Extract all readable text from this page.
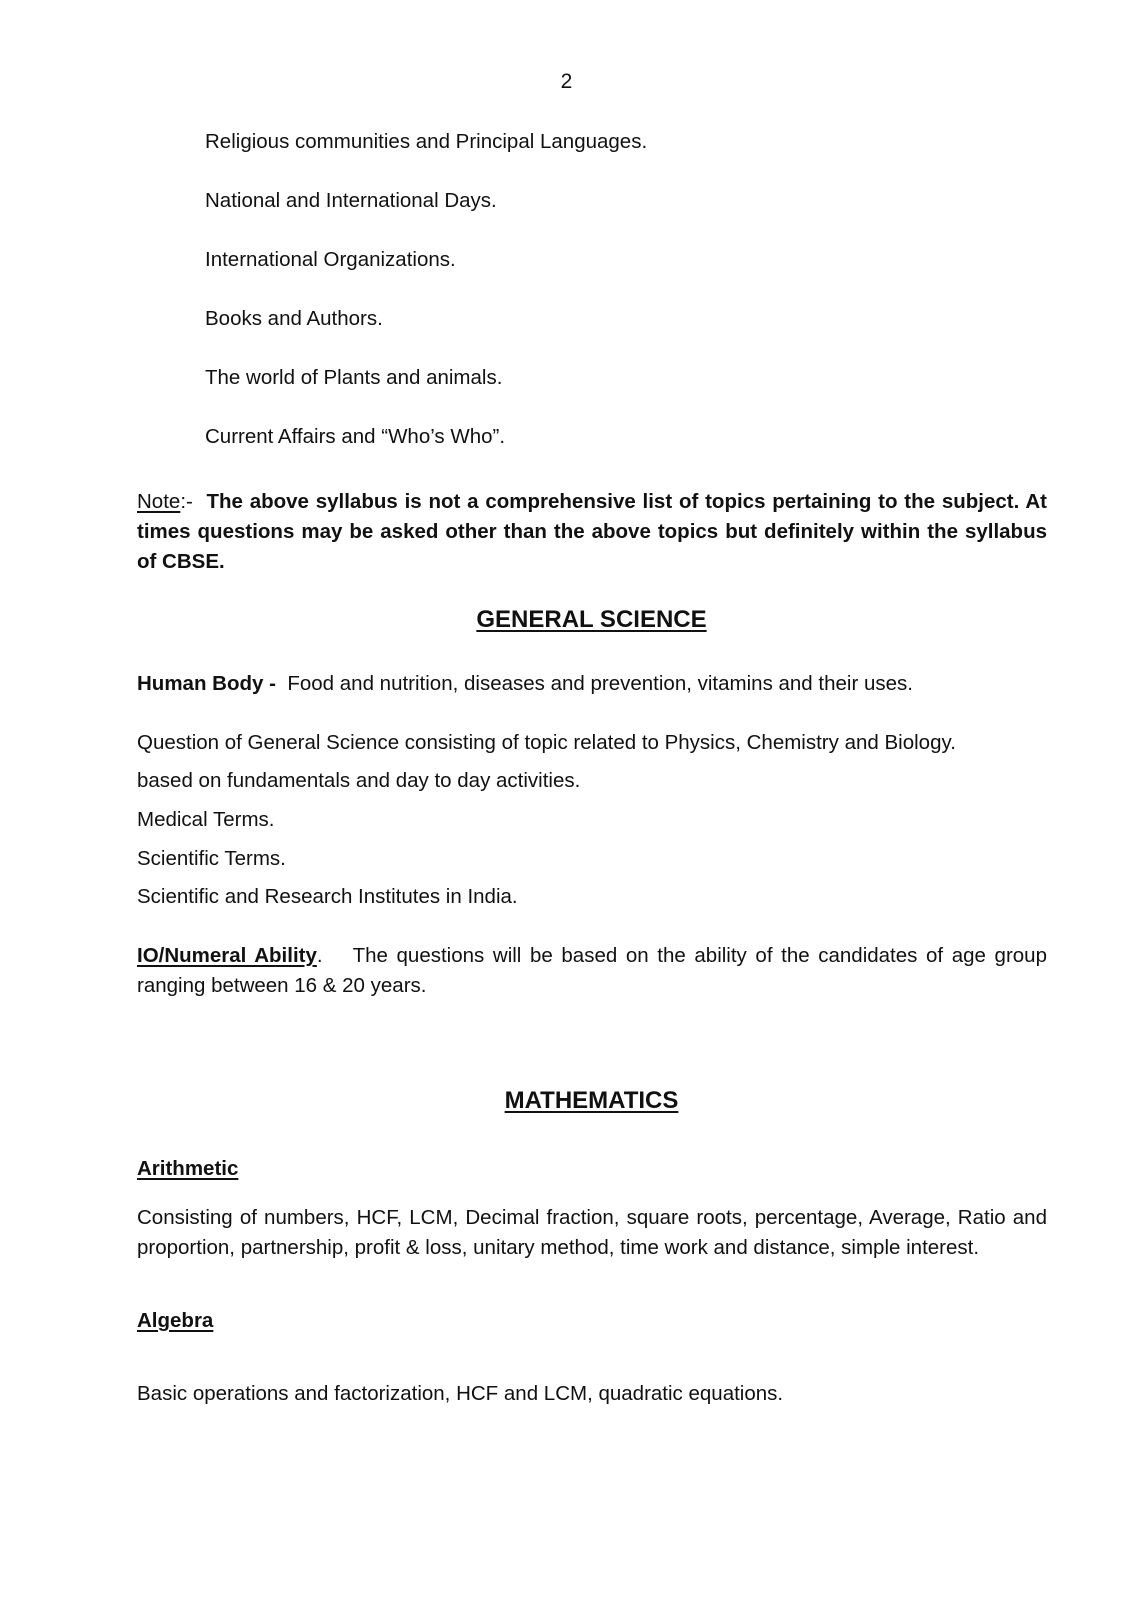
2
Religious communities and Principal Languages.
National and International Days.
International Organizations.
Books and Authors.
The world of Plants and animals.
Current Affairs and “Who’s Who”.
Note:- The above syllabus is not a comprehensive list of topics pertaining to the subject. At times questions may be asked other than the above topics but definitely within the syllabus of CBSE.
GENERAL SCIENCE
Human Body - Food and nutrition, diseases and prevention, vitamins and their uses.
Question of General Science consisting of topic related to Physics, Chemistry and Biology.
based on fundamentals and day to day activities.
Medical Terms.
Scientific Terms.
Scientific and Research Institutes in India.
IO/Numeral Ability. The questions will be based on the ability of the candidates of age group ranging between 16 & 20 years.
MATHEMATICS
Arithmetic
Consisting of numbers, HCF, LCM, Decimal fraction, square roots, percentage, Average, Ratio and proportion, partnership, profit & loss, unitary method, time work and distance, simple interest.
Algebra
Basic operations and factorization, HCF and LCM, quadratic equations.
